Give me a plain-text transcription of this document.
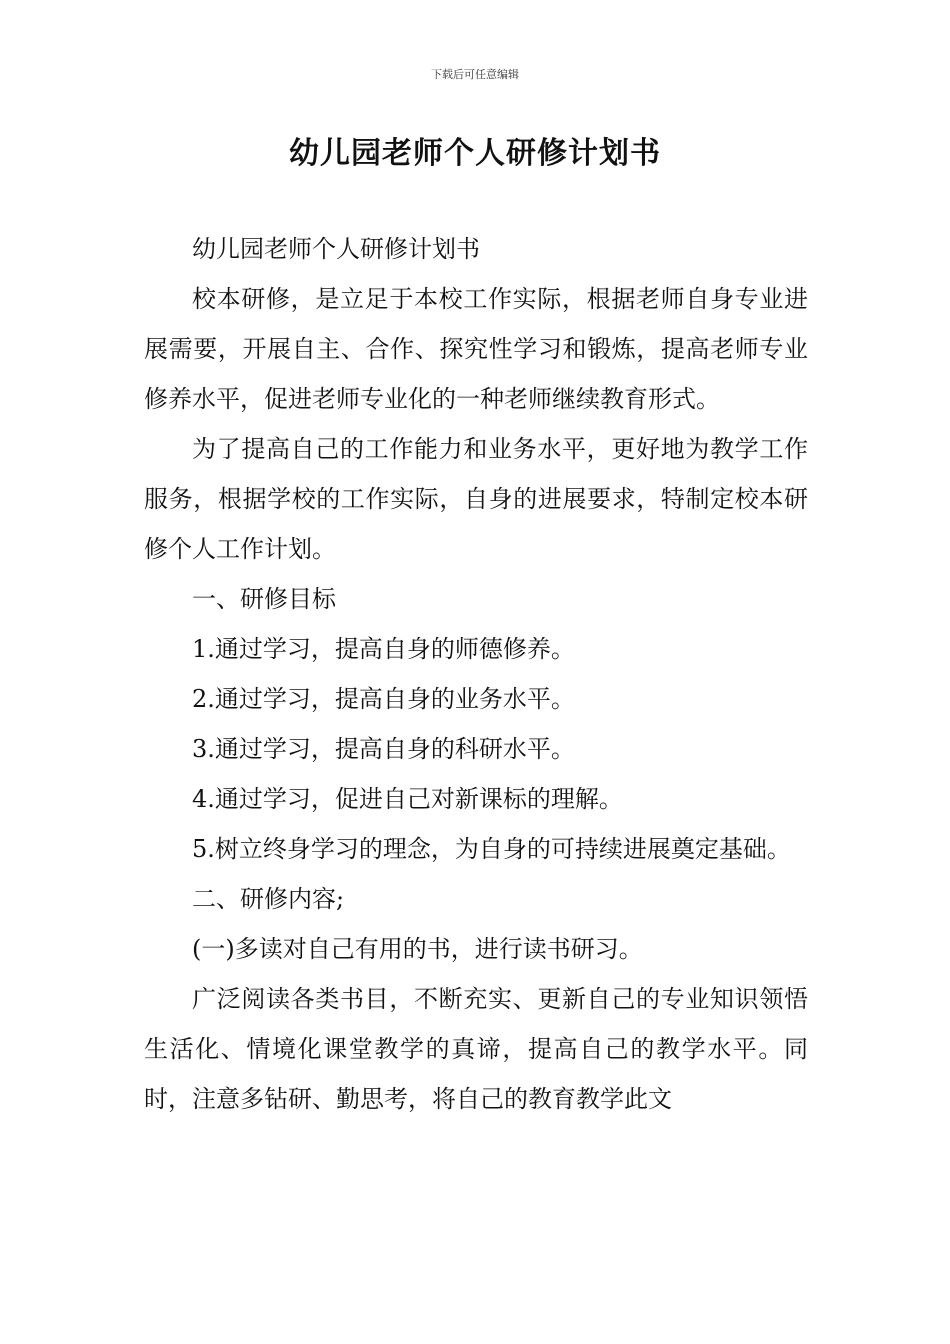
下载后可任意编辑
幼儿园老师个人研修计划书

幼儿园老师个人研修计划书

校本研修，是立足于本校工作实际，根据老师自身专业进展需要，开展自主、合作、探究性学习和锻炼，提高老师专业修养水平，促进老师专业化的一种老师继续教育形式。

为了提高自己的工作能力和业务水平，更好地为教学工作服务，根据学校的工作实际，自身的进展要求，特制定校本研修个人工作计划。

一、研修目标

1.通过学习，提高自身的师德修养。

2.通过学习，提高自身的业务水平。

3.通过学习，提高自身的科研水平。

4.通过学习，促进自己对新课标的理解。

5.树立终身学习的理念，为自身的可持续进展奠定基础。

二、研修内容;

(一)多读对自己有用的书，进行读书研习。

广泛阅读各类书目，不断充实、更新自己的专业知识领悟生活化、情境化课堂教学的真谛，提高自己的教学水平。同时，注意多钻研、勤思考，将自己的教育教学此文
